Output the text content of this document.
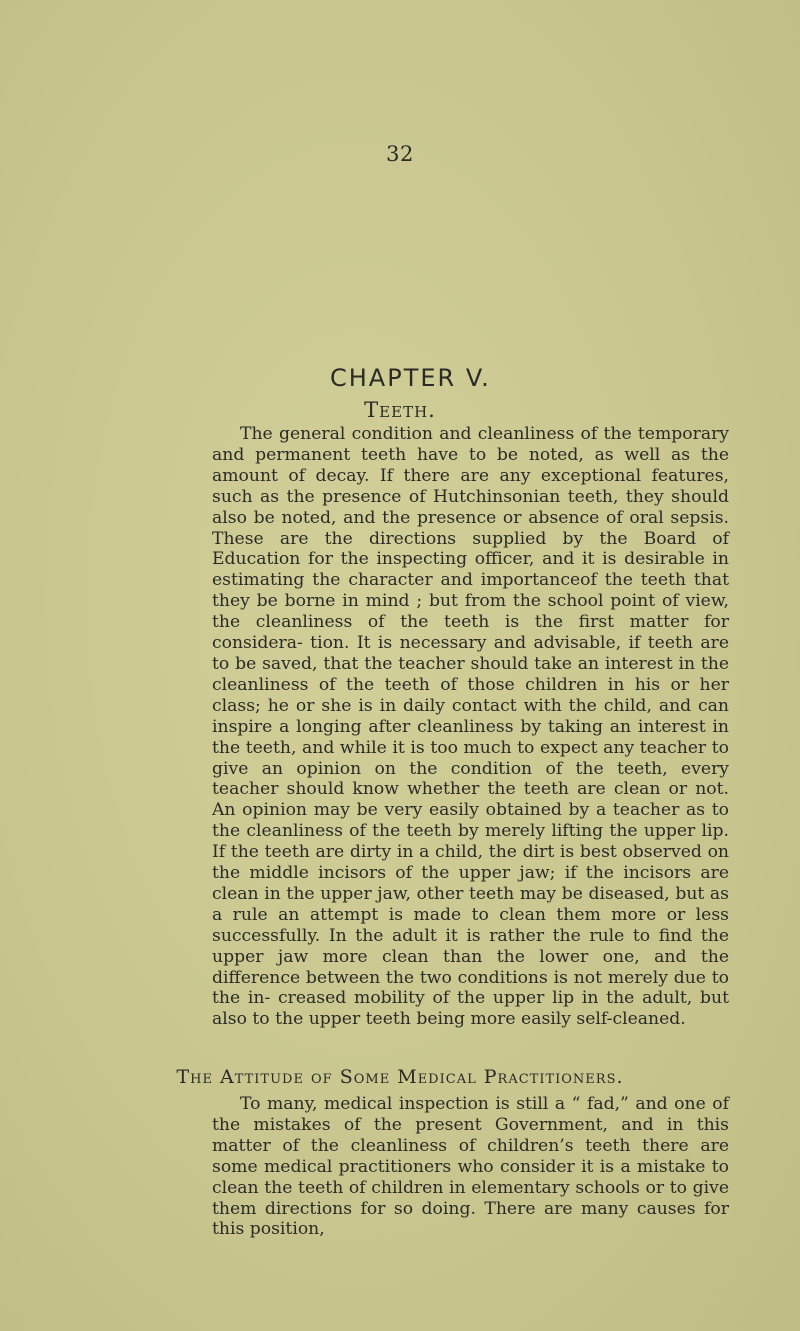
32
CHAPTER V.
Teeth.

The general condition and cleanliness of the temporary and permanent teeth have to be noted, as well as the amount of decay. If there are any exceptional features, such as the presence of Hutchinsonian teeth, they should also be noted, and the presence or absence of oral sepsis. These are the directions supplied by the Board of Education for the inspecting officer, and it is desirable in estimating the character and importanceof the teeth that they be borne in mind ; but from the school point of view, the cleanliness of the teeth is the first matter for considera- tion. It is necessary and advisable, if teeth are to be saved, that the teacher should take an interest in the cleanliness of the teeth of those children in his or her class; he or she is in daily contact with the child, and can inspire a longing after cleanliness by taking an interest in the teeth, and while it is too much to expect any teacher to give an opinion on the condition of the teeth, every teacher should know whether the teeth are clean or not. An opinion may be very easily obtained by a teacher as to the cleanliness of the teeth by merely lifting the upper lip. If the teeth are dirty in a child, the dirt is best observed on the middle incisors of the upper jaw; if the incisors are clean in the upper jaw, other teeth may be diseased, but as a rule an attempt is made to clean them more or less successfully. In the adult it is rather the rule to find the upper jaw more clean than the lower one, and the difference between the two conditions is not merely due to the in- creased mobility of the upper lip in the adult, but also to the upper teeth being more easily self-cleaned.

The Attitude of Some Medical Practitioners.

To many, medical inspection is still a “ fad,” and one of the mistakes of the present Government, and in this matter of the cleanliness of children’s teeth there are some medical practitioners who consider it is a mistake to clean the teeth of children in elementary schools or to give them directions for so doing. There are many causes for this position,
